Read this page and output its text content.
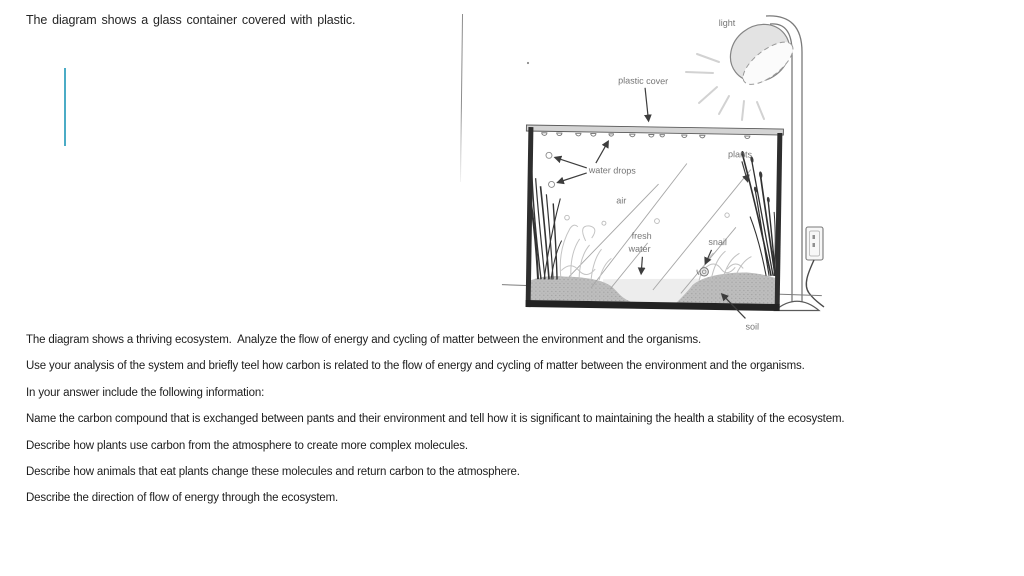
The diagram shows a glass container covered with plastic.

plastic cover
plants
water drops
air
fresh
water
snail
soil
light

The diagram shows a thriving ecosystem.  Analyze the flow of energy and cycling of matter between the environment and the organisms.

Use your analysis of the system and briefly teel how carbon is related to the flow of energy and cycling of matter between the environment and the organisms.

In your answer include the following information:

Name the carbon compound that is exchanged between pants and their environment and tell how it is significant to maintaining the health a stability of the ecosystem.

Describe how plants use carbon from the atmosphere to create more complex molecules.

Describe how animals that eat plants change these molecules and return carbon to the atmosphere.

Describe the direction of flow of energy through the ecosystem.
